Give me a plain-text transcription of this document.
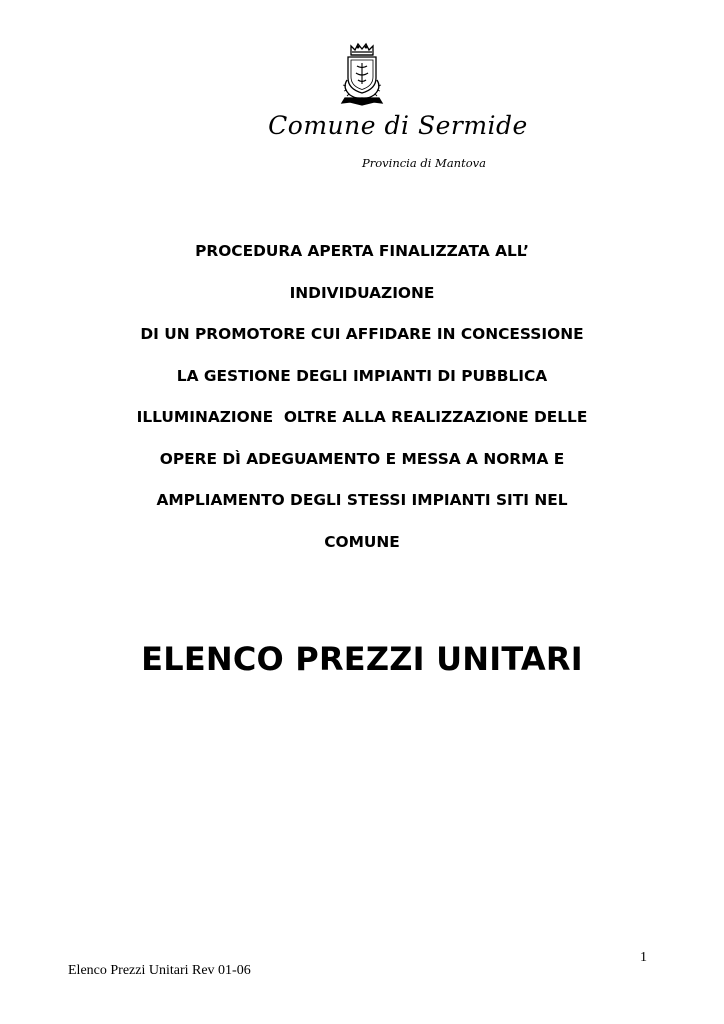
Comune di Sermide
Provincia di Mantova
PROCEDURA APERTA FINALIZZATA ALL’
INDIVIDUAZIONE
DI UN PROMOTORE CUI AFFIDARE IN CONCESSIONE
LA GESTIONE DEGLI IMPIANTI DI PUBBLICA
ILLUMINAZIONE  OLTRE ALLA REALIZZAZIONE DELLE
OPERE DÌ ADEGUAMENTO E MESSA A NORMA E
AMPLIAMENTO DEGLI STESSI IMPIANTI SITI NEL
COMUNE
ELENCO PREZZI UNITARI
1
Elenco Prezzi Unitari Rev 01-06
